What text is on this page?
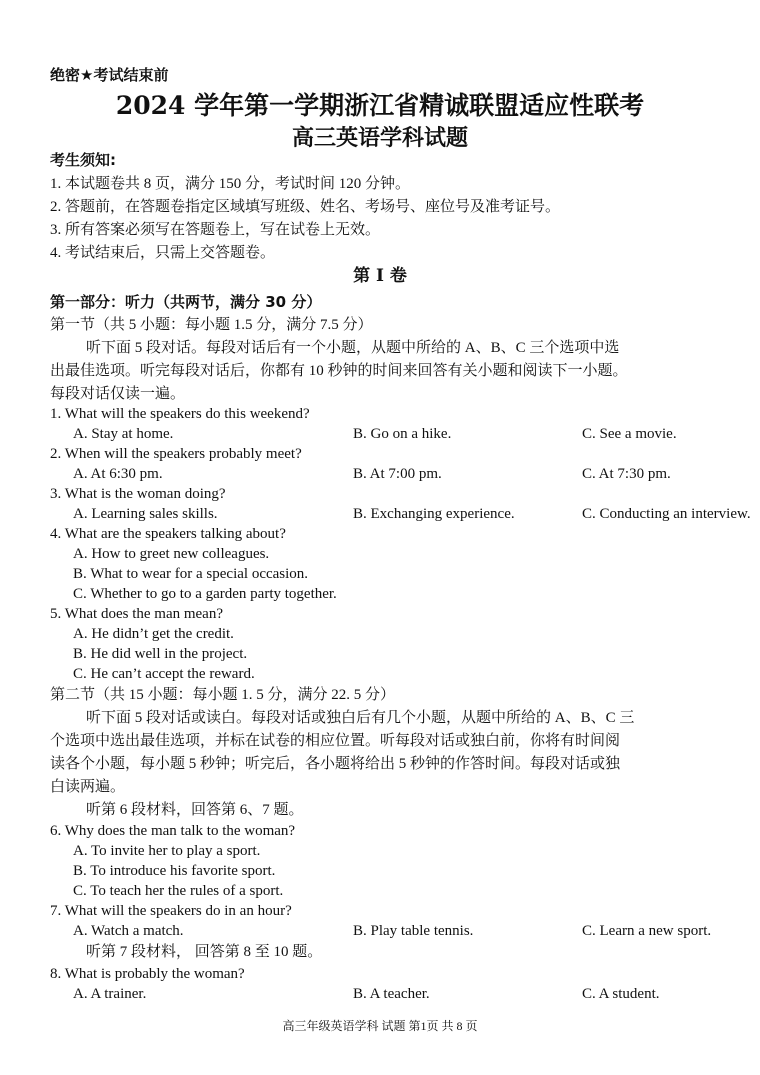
绝密★考试结束前
2024 学年第一学期浙江省精诚联盟适应性联考
高三英语学科试题
考生须知:
1. 本试题卷共 8 页，满分 150 分，考试时间 120 分钟。
2. 答题前，在答题卷指定区域填写班级、姓名、考场号、座位号及准考证号。
3. 所有答案必须写在答题卷上，写在试卷上无效。
4. 考试结束后，只需上交答题卷。
第 I 卷
第一部分：听力（共两节，满分 30 分）
第一节（共 5 小题：每小题 1.5 分，满分 7.5 分）
听下面 5 段对话。每段对话后有一个小题，从题中所给的 A、B、C 三个选项中选
出最佳选项。听完每段对话后，你都有 10 秒钟的时间来回答有关小题和阅读下一小题。
每段对话仅读一遍。
1. What will the speakers do this weekend?
A. Stay at home.	B. Go on a hike.	C. See a movie.
2. When will the speakers probably meet?
A. At 6:30 pm.	B. At 7:00 pm.	C. At 7:30 pm.
3. What is the woman doing?
A. Learning sales skills.	B. Exchanging experience.	C. Conducting an interview.
4. What are the speakers talking about?
A. How to greet new colleagues.
B. What to wear for a special occasion.
C. Whether to go to a garden party together.
5. What does the man mean?
A. He didn’t get the credit.
B. He did well in the project.
C. He can’t accept the reward.
第二节（共 15 小题：每小题 1. 5 分，满分 22. 5 分）
听下面 5 段对话或读白。每段对话或独白后有几个小题，从题中所给的 A、B、C 三
个选项中选出最佳选项，并标在试卷的相应位置。听每段对话或独白前，你将有时间阅
读各个小题，每小题 5 秒钟；听完后，各小题将给出 5 秒钟的作答时间。每段对话或独
白读两遍。
听第 6 段材料，回答第 6、7 题。
6. Why does the man talk to the woman?
A. To invite her to play a sport.
B. To introduce his favorite sport.
C. To teach her the rules of a sport.
7. What will the speakers do in an hour?
A. Watch a match.	B. Play table tennis.	C. Learn a new sport.
听第 7 段材料， 回答第 8 至 10 题。
8. What is probably the woman?
A. A trainer.	B. A teacher.	C. A student.
高三年级英语学科 试题 第1页 共 8 页
